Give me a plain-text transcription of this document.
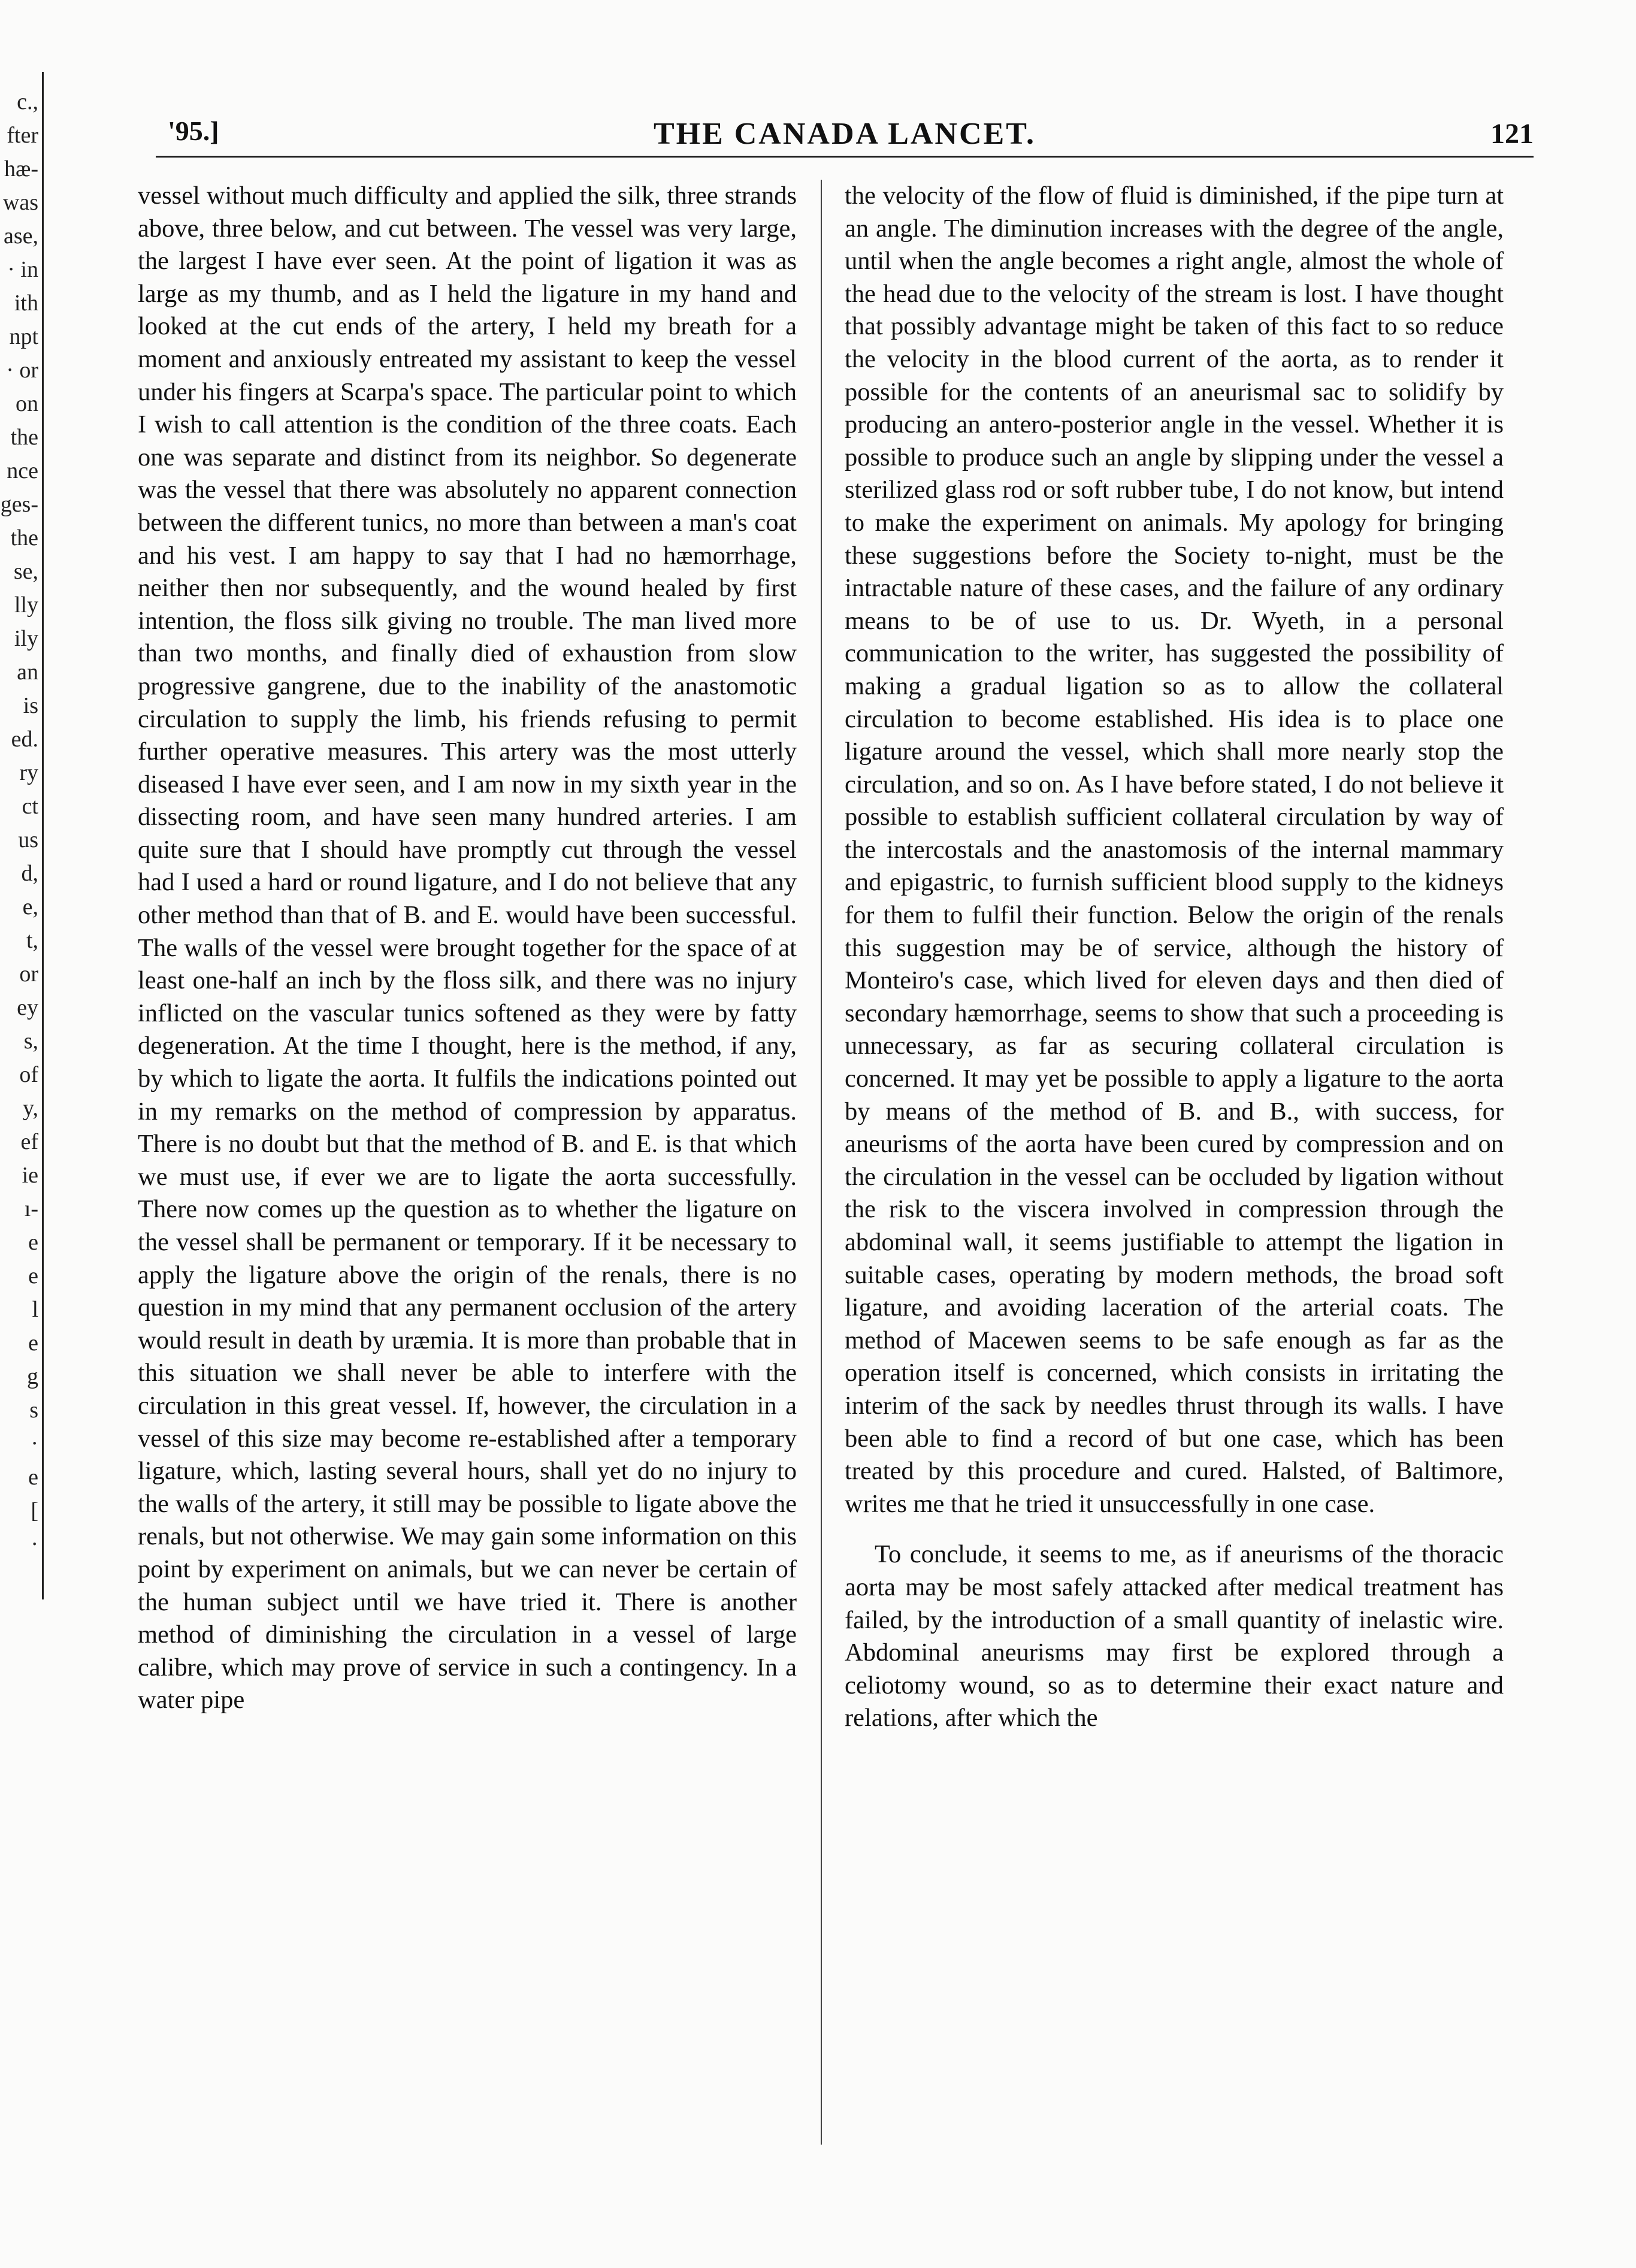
c.,
fter
hæ-
was
ase,
· in
ith
npt
· or
on
the
nce
ges-
the
se,
lly
ily
an
is
ed.
ry
ct
us
d,
e,
t,
or
ey
s,
of
y,
ef
ie
ı-
e
e
l
e
g
s
·
e
[
·
'95.]	THE CANADA LANCET.	121

vessel without much difficulty and applied the silk, three strands above, three below, and cut between. The vessel was very large, the largest I have ever seen. At the point of ligation it was as large as my thumb, and as I held the ligature in my hand and looked at the cut ends of the artery, I held my breath for a moment and anxiously entreated my assistant to keep the vessel under his fingers at Scarpa's space. The particular point to which I wish to call attention is the condition of the three coats. Each one was separate and distinct from its neighbor. So degenerate was the vessel that there was absolutely no apparent connection between the different tunics, no more than between a man's coat and his vest. I am happy to say that I had no hæmorrhage, neither then nor subsequently, and the wound healed by first intention, the floss silk giving no trouble. The man lived more than two months, and finally died of exhaustion from slow progressive gangrene, due to the inability of the anastomotic circulation to supply the limb, his friends refusing to permit further operative measures. This artery was the most utterly diseased I have ever seen, and I am now in my sixth year in the dissecting room, and have seen many hundred arteries. I am quite sure that I should have promptly cut through the vessel had I used a hard or round ligature, and I do not believe that any other method than that of B. and E. would have been successful. The walls of the vessel were brought together for the space of at least one-half an inch by the floss silk, and there was no injury inflicted on the vascular tunics softened as they were by fatty degeneration. At the time I thought, here is the method, if any, by which to ligate the aorta. It fulfils the indications pointed out in my remarks on the method of compression by apparatus. There is no doubt but that the method of B. and E. is that which we must use, if ever we are to ligate the aorta successfully. There now comes up the question as to whether the ligature on the vessel shall be permanent or temporary. If it be necessary to apply the ligature above the origin of the renals, there is no question in my mind that any permanent occlusion of the artery would result in death by uræmia. It is more than probable that in this situation we shall never be able to interfere with the circulation in this great vessel. If, however, the circulation in a vessel of this size may become re-established after a temporary ligature, which, lasting several hours, shall yet do no injury to the walls of the artery, it still may be possible to ligate above the renals, but not otherwise. We may gain some information on this point by experiment on animals, but we can never be certain of the human subject until we have tried it. There is another method of diminishing the circulation in a vessel of large calibre, which may prove of service in such a contingency. In a water pipe

the velocity of the flow of fluid is diminished, if the pipe turn at an angle. The diminution increases with the degree of the angle, until when the angle becomes a right angle, almost the whole of the head due to the velocity of the stream is lost. I have thought that possibly advantage might be taken of this fact to so reduce the velocity in the blood current of the aorta, as to render it possible for the contents of an aneurismal sac to solidify by producing an antero-posterior angle in the vessel. Whether it is possible to produce such an angle by slipping under the vessel a sterilized glass rod or soft rubber tube, I do not know, but intend to make the experiment on animals. My apology for bringing these suggestions before the Society to-night, must be the intractable nature of these cases, and the failure of any ordinary means to be of use to us. Dr. Wyeth, in a personal communication to the writer, has suggested the possibility of making a gradual ligation so as to allow the collateral circulation to become established. His idea is to place one ligature around the vessel, which shall more nearly stop the circulation, and so on. As I have before stated, I do not believe it possible to establish sufficient collateral circulation by way of the intercostals and the anastomosis of the internal mammary and epigastric, to furnish sufficient blood supply to the kidneys for them to fulfil their function. Below the origin of the renals this suggestion may be of service, although the history of Monteiro's case, which lived for eleven days and then died of secondary hæmorrhage, seems to show that such a proceeding is unnecessary, as far as securing collateral circulation is concerned. It may yet be possible to apply a ligature to the aorta by means of the method of B. and B., with success, for aneurisms of the aorta have been cured by compression and on the circulation in the vessel can be occluded by ligation without the risk to the viscera involved in compression through the abdominal wall, it seems justifiable to attempt the ligation in suitable cases, operating by modern methods, the broad soft ligature, and avoiding laceration of the arterial coats. The method of Macewen seems to be safe enough as far as the operation itself is concerned, which consists in irritating the interim of the sack by needles thrust through its walls. I have been able to find a record of but one case, which has been treated by this procedure and cured. Halsted, of Baltimore, writes me that he tried it unsuccessfully in one case.

To conclude, it seems to me, as if aneurisms of the thoracic aorta may be most safely attacked after medical treatment has failed, by the introduction of a small quantity of inelastic wire. Abdominal aneurisms may first be explored through a celiotomy wound, so as to determine their exact nature and relations, after which the
